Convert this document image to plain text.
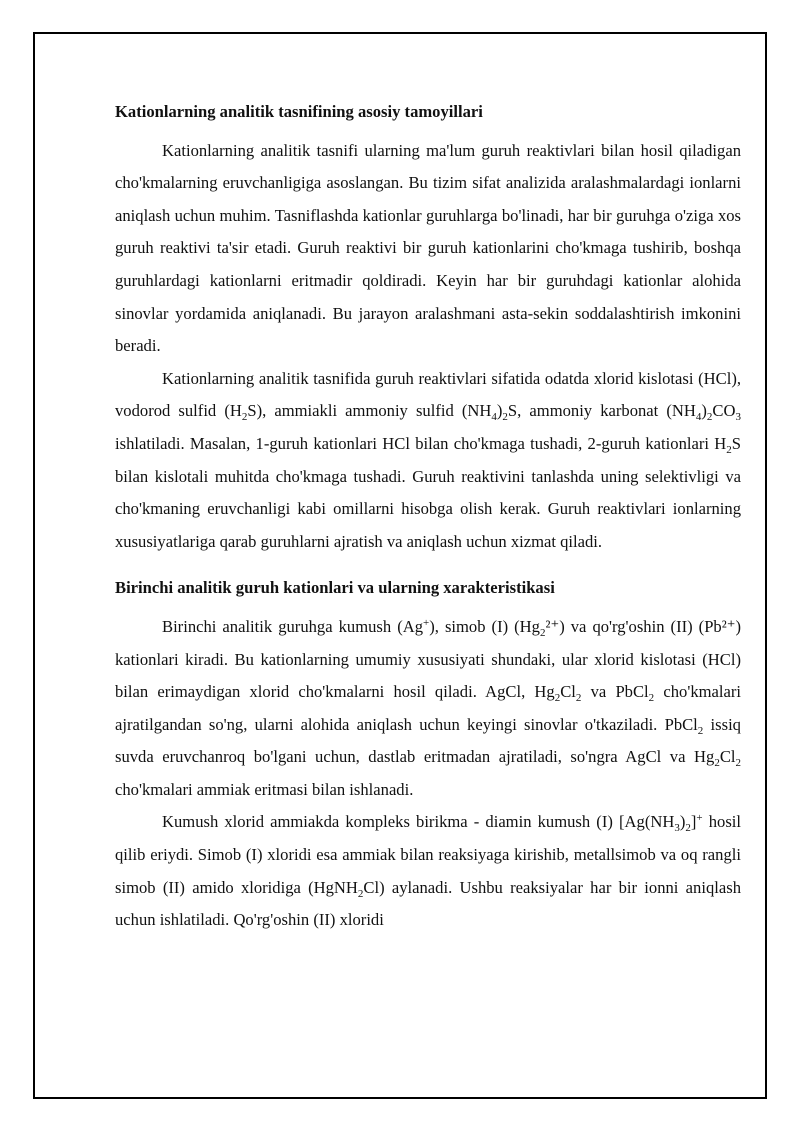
Kationlarning analitik tasnifining asosiy tamoyillari

Kationlarning analitik tasnifi ularning ma'lum guruh reaktivlari bilan hosil qiladigan cho'kmalarning eruvchanligiga asoslangan. Bu tizim sifat analizida aralashmalardagi ionlarni aniqlash uchun muhim. Tasniflashda kationlar guruhlarga bo'linadi, har bir guruhga o'ziga xos guruh reaktivi ta'sir etadi. Guruh reaktivi bir guruh kationlarini cho'kmaga tushirib, boshqa guruhlardagi kationlarni eritmadir qoldiradi. Keyin har bir guruhdagi kationlar alohida sinovlar yordamida aniqlanadi. Bu jarayon aralashmani asta-sekin soddalashtirish imkonini beradi.

Kationlarning analitik tasnifida guruh reaktivlari sifatida odatda xlorid kislotasi (HCl), vodorod sulfid $(H_2S)$, ammiakli ammoniy sulfid $(NH_4)_2S$, ammoniy karbonat $(NH_4)_2CO_3$ ishlatiladi. Masalan, 1-guruh kationlari HCl bilan cho'kmaga tushadi, 2-guruh kationlari $H_2S$ bilan kislotali muhitda cho'kmaga tushadi. Guruh reaktivini tanlashda uning selektivligi va cho'kmaning eruvchanligi kabi omillarni hisobga olish kerak. Guruh reaktivlari ionlarning xususiyatlariga qarab guruhlarni ajratish va aniqlash uchun xizmat qiladi.

Birinchi analitik guruh kationlari va ularning xarakteristikasi

Birinchi analitik guruhga kumush (Ag+), simob (I) $(Hg_2^{2+})$ va qo'rg'oshin (II) (Pb²⁺) kationlari kiradi. Bu kationlarning umumiy xususiyati shundaki, ular xlorid kislotasi (HCl) bilan erimaydigan xlorid cho'kmalarni hosil qiladi. AgCl, $Hg_2Cl_2$ va PbCl$_2$ cho'kmalari ajratilgandan so'ng, ularni alohida aniqlash uchun keyingi sinovlar o'tkaziladi. PbCl$_2$ issiq suvda eruvchanroq bo'lgani uchun, dastlab eritmadan ajratiladi, so'ngra AgCl va $Hg_2Cl_2$ cho'kmalari ammiak eritmasi bilan ishlanadi.

Kumush xlorid ammiakda kompleks birikma - diamin kumush (I) $[Ag(NH_3)_2]^+$ hosil qilib eriydi. Simob (I) xloridi esa ammiak bilan reaksiyaga kirishib, metallsimob va oq rangli simob (II) amido xloridiga (HgNH$_2$Cl) aylanadi. Ushbu reaksiyalar har bir ionni aniqlash uchun ishlatiladi. Qo'rg'oshin (II) xloridi
